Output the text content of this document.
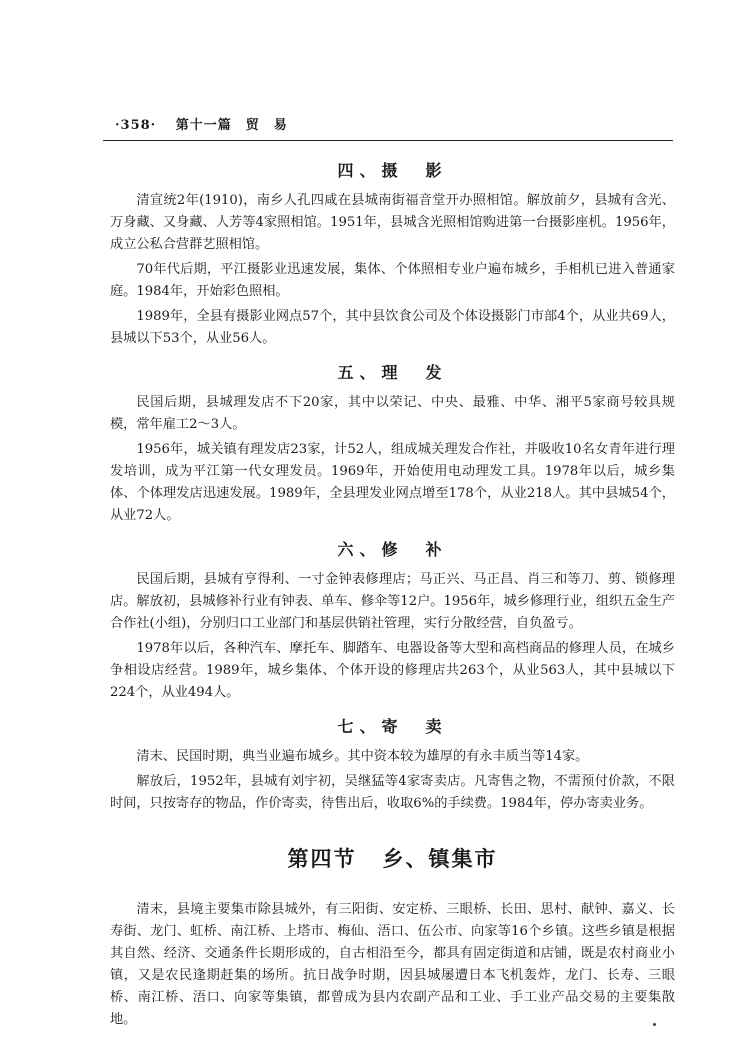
·358· 第十一篇　贸　易
四、摄　影

清宣统2年(1910)，南乡人孔四咸在县城南街福音堂开办照相馆。解放前夕，县城有含光、万身藏、又身藏、人芳等4家照相馆。1951年，县城含光照相馆购进第一台摄影座机。1956年，成立公私合营群艺照相馆。

70年代后期，平江摄影业迅速发展，集体、个体照相专业户遍布城乡，手相机已进入普通家庭。1984年，开始彩色照相。

1989年，全县有摄影业网点57个，其中县饮食公司及个体设摄影门市部4个，从业共69人，县城以下53个，从业56人。

五、理　发

民国后期，县城理发店不下20家，其中以荣记、中央、最雅、中华、湘平5家商号较具规模，常年雇工2～3人。

1956年，城关镇有理发店23家，计52人，组成城关理发合作社，并吸收10名女青年进行理发培训，成为平江第一代女理发员。1969年，开始使用电动理发工具。1978年以后，城乡集体、个体理发店迅速发展。1989年，全县理发业网点增至178个，从业218人。其中县城54个，从业72人。

六、修　补

民国后期，县城有亨得利、一寸金钟表修理店；马正兴、马正昌、肖三和等刀、剪、锁修理店。解放初，县城修补行业有钟表、单车、修伞等12户。1956年，城乡修理行业，组织五金生产合作社(小组)，分别归口工业部门和基层供销社管理，实行分散经营，自负盈亏。

1978年以后，各种汽车、摩托车、脚踏车、电器设备等大型和高档商品的修理人员，在城乡争相设店经营。1989年，城乡集体、个体开设的修理店共263个，从业563人，其中县城以下224个，从业494人。

七、寄　卖

清末、民国时期，典当业遍布城乡。其中资本较为雄厚的有永丰质当等14家。

解放后，1952年，县城有刘宇初，吴继猛等4家寄卖店。凡寄售之物，不需预付价款，不限时间，只按寄存的物品，作价寄卖，待售出后，收取6%的手续费。1984年，停办寄卖业务。

第四节 乡、镇集市

清末，县境主要集市除县城外，有三阳街、安定桥、三眼桥、长田、思村、献钟、嘉义、长寿街、龙门、虹桥、南江桥、上塔市、梅仙、浯口、伍公市、向家等16个乡镇。这些乡镇是根据其自然、经济、交通条件长期形成的，自古相沿至今，都具有固定街道和店铺，既是农村商业小镇，又是农民逢期赶集的场所。抗日战争时期，因县城屡遭日本飞机轰炸，龙门、长寿、三眼桥、南江桥、浯口、向家等集镇，都曾成为县内农副产品和工业、手工业产品交易的主要集散地。
